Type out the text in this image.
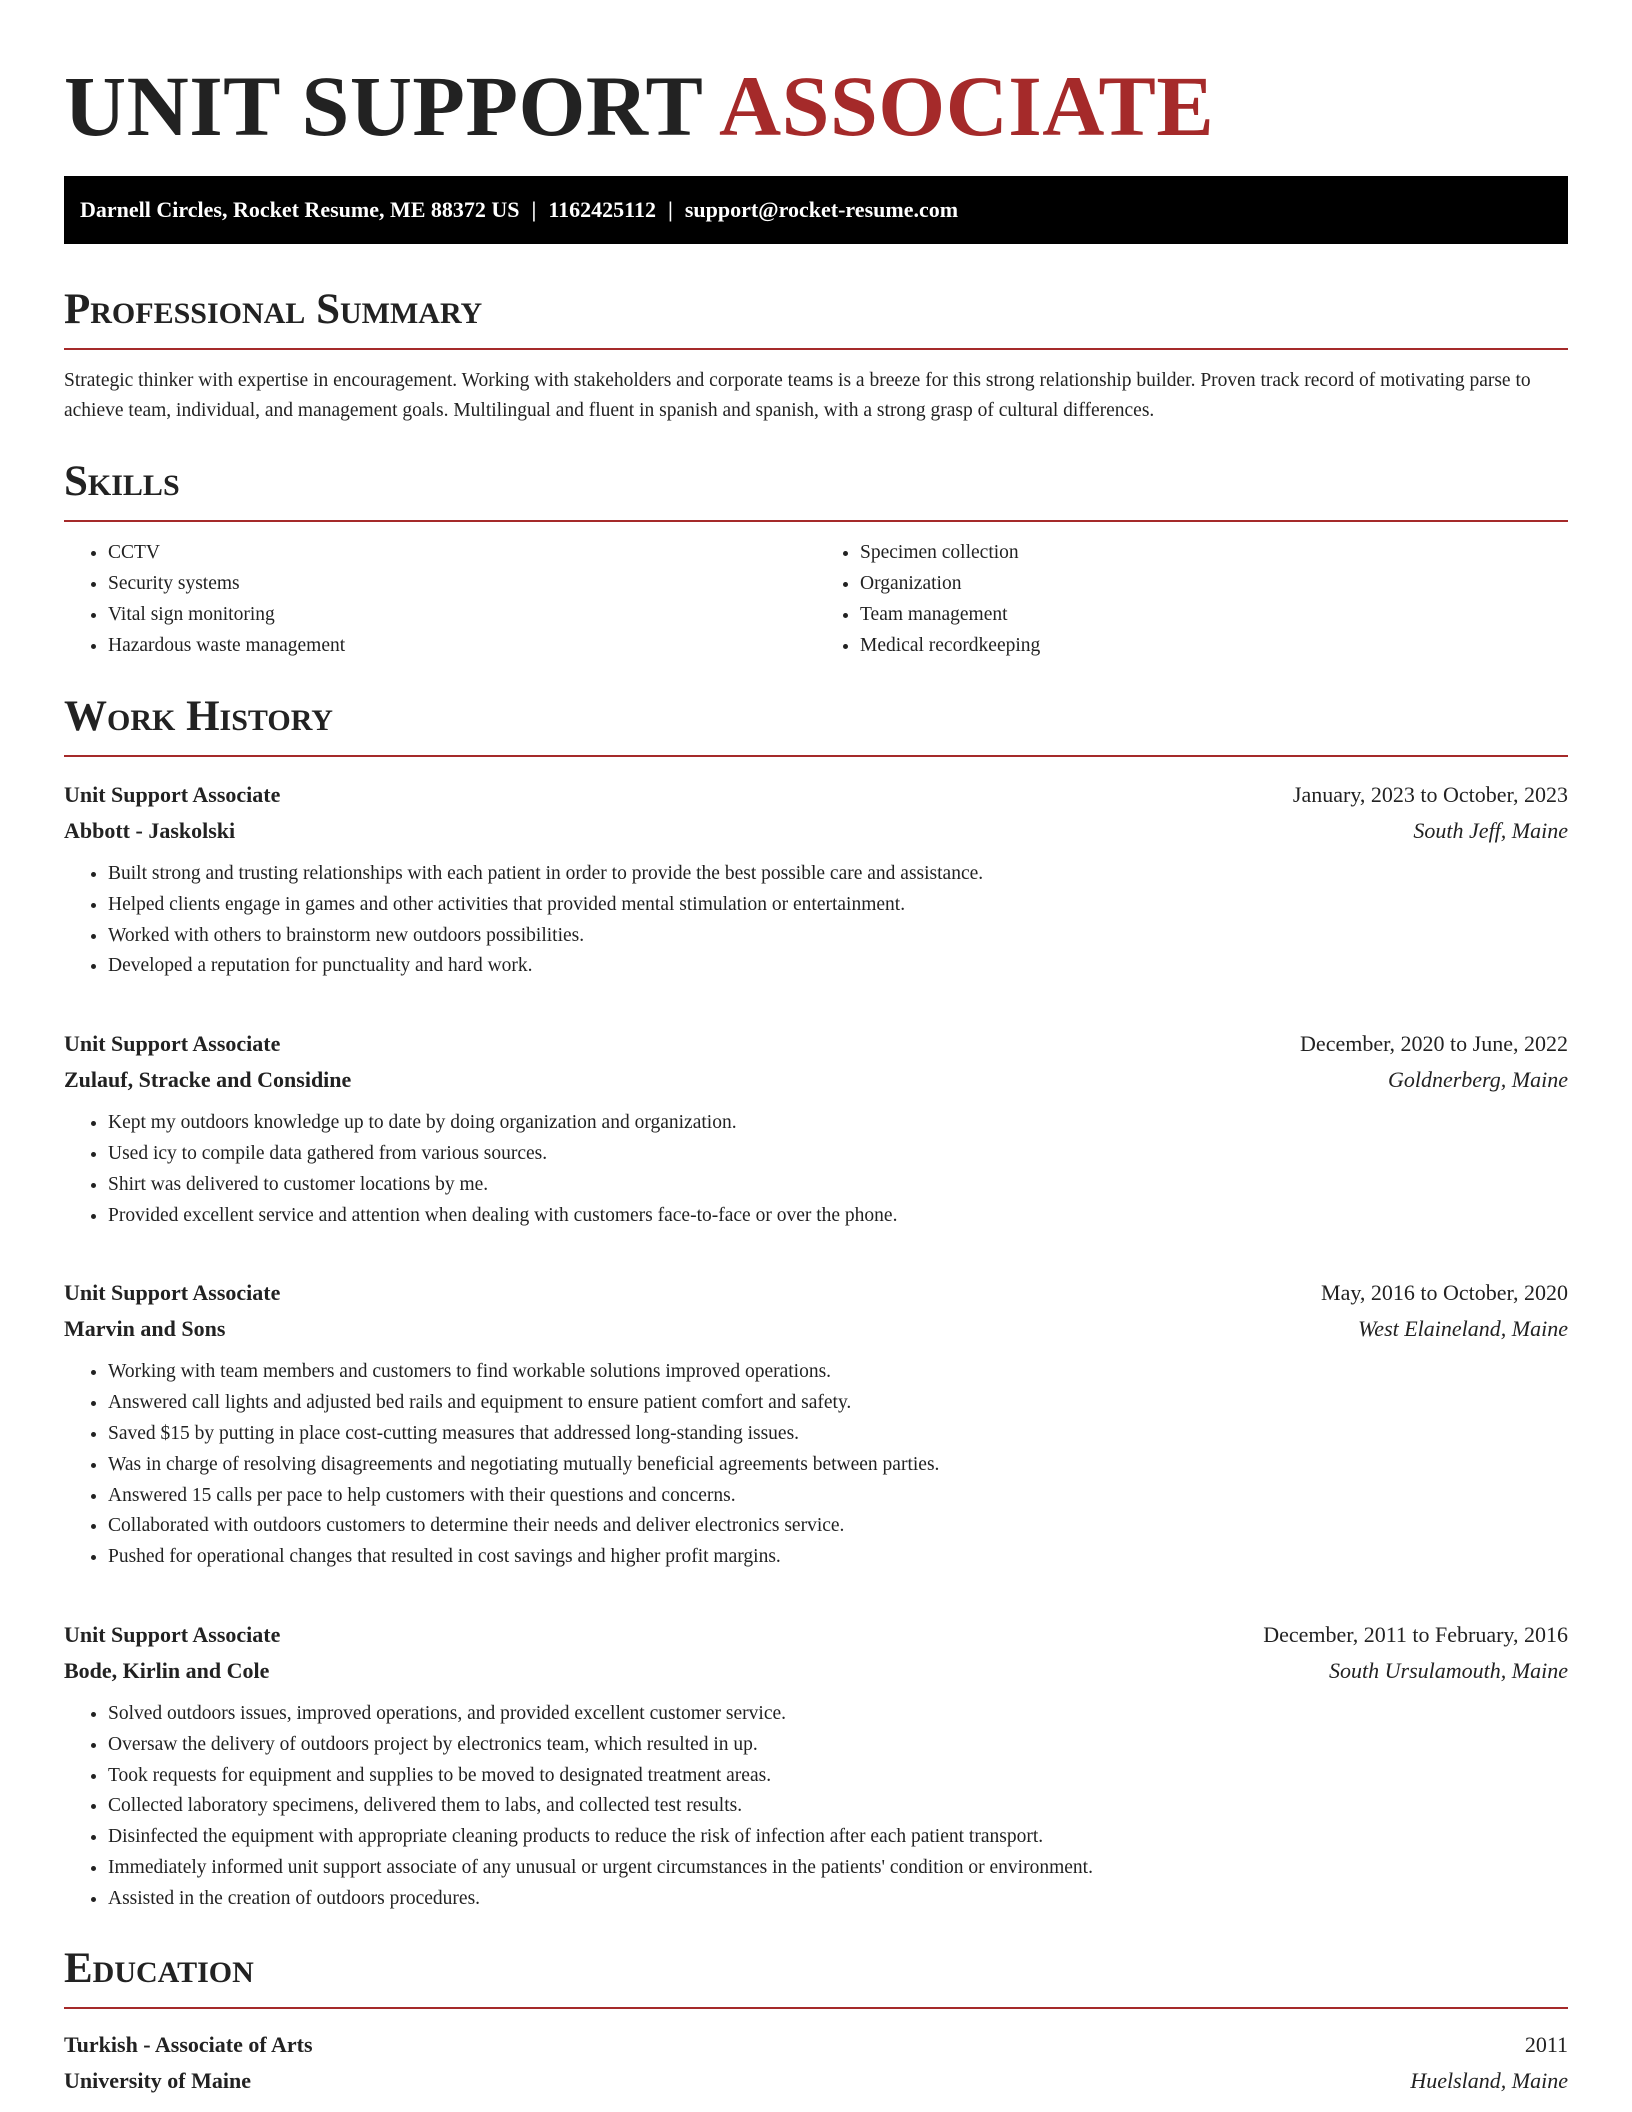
UNIT SUPPORT ASSOCIATE
Darnell Circles, Rocket Resume, ME 88372 US | 1162425112 | support@rocket-resume.com
Professional Summary

Strategic thinker with expertise in encouragement. Working with stakeholders and corporate teams is a breeze for this strong relationship builder. Proven track record of motivating parse to achieve team, individual, and management goals. Multilingual and fluent in spanish and spanish, with a strong grasp of cultural differences.

Skills
• CCTV
• Security systems
• Vital sign monitoring
• Hazardous waste management
• Specimen collection
• Organization
• Team management
• Medical recordkeeping
Work History
Unit Support Associate	January, 2023 to October, 2023
Abbott - Jaskolski	South Jeff, Maine
• Built strong and trusting relationships with each patient in order to provide the best possible care and assistance.
• Helped clients engage in games and other activities that provided mental stimulation or entertainment.
• Worked with others to brainstorm new outdoors possibilities.
• Developed a reputation for punctuality and hard work.
Unit Support Associate	December, 2020 to June, 2022
Zulauf, Stracke and Considine	Goldnerberg, Maine
• Kept my outdoors knowledge up to date by doing organization and organization.
• Used icy to compile data gathered from various sources.
• Shirt was delivered to customer locations by me.
• Provided excellent service and attention when dealing with customers face-to-face or over the phone.
Unit Support Associate	May, 2016 to October, 2020
Marvin and Sons	West Elaineland, Maine
• Working with team members and customers to find workable solutions improved operations.
• Answered call lights and adjusted bed rails and equipment to ensure patient comfort and safety.
• Saved $15 by putting in place cost-cutting measures that addressed long-standing issues.
• Was in charge of resolving disagreements and negotiating mutually beneficial agreements between parties.
• Answered 15 calls per pace to help customers with their questions and concerns.
• Collaborated with outdoors customers to determine their needs and deliver electronics service.
• Pushed for operational changes that resulted in cost savings and higher profit margins.
Unit Support Associate	December, 2011 to February, 2016
Bode, Kirlin and Cole	South Ursulamouth, Maine
• Solved outdoors issues, improved operations, and provided excellent customer service.
• Oversaw the delivery of outdoors project by electronics team, which resulted in up.
• Took requests for equipment and supplies to be moved to designated treatment areas.
• Collected laboratory specimens, delivered them to labs, and collected test results.
• Disinfected the equipment with appropriate cleaning products to reduce the risk of infection after each patient transport.
• Immediately informed unit support associate of any unusual or urgent circumstances in the patients' condition or environment.
• Assisted in the creation of outdoors procedures.
Education
Turkish - Associate of Arts	2011
University of Maine	Huelsland, Maine
